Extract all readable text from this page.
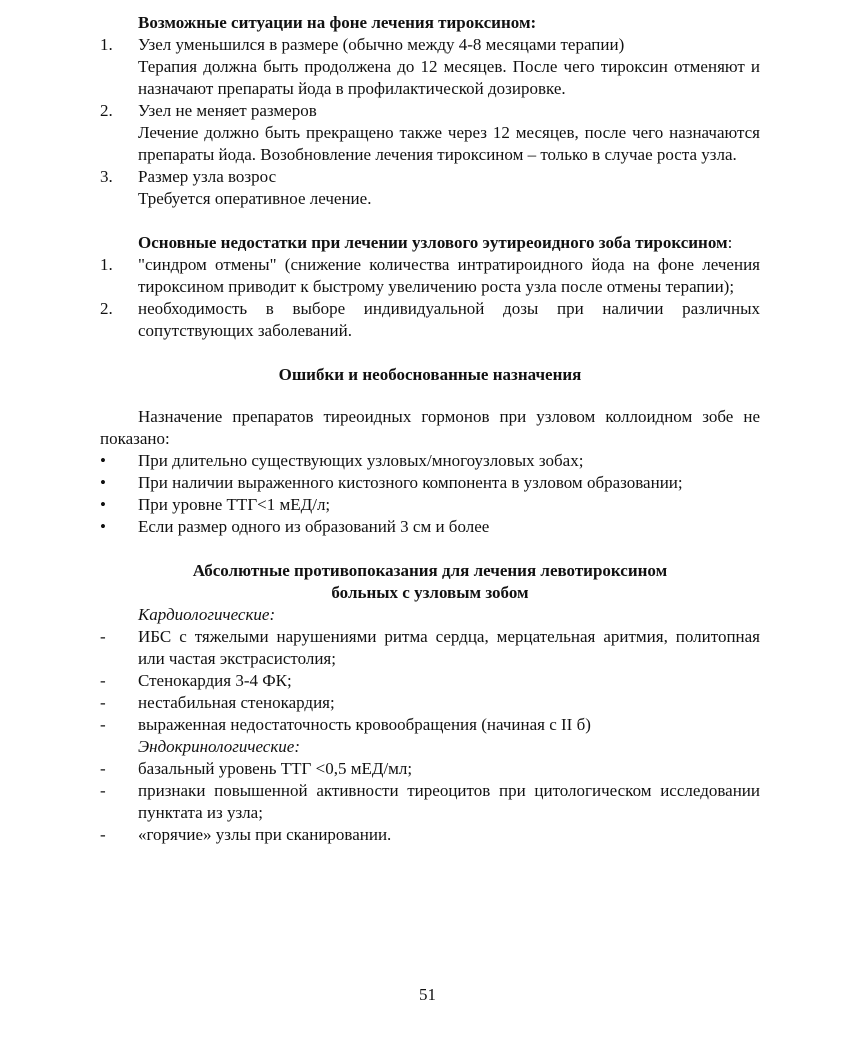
Возможные ситуации на фоне лечения тироксином:
1. Узел уменьшился в размере (обычно между 4-8 месяцами терапии)
Терапия должна быть продолжена до 12 месяцев. После чего тироксин отменяют и назначают препараты йода в профилактической дозировке.
2. Узел не меняет размеров
Лечение должно быть прекращено также через 12 месяцев, после чего назначаются препараты йода. Возобновление лечения тироксином – только в случае роста узла.
3. Размер узла возрос
Требуется оперативное лечение.
Основные недостатки при лечении узлового эутиреоидного зоба тироксином:
1. "синдром отмены" (снижение количества интратироидного йода на фоне лечения тироксином приводит к быстрому увеличению роста узла после отмены терапии);
2. необходимость в выборе индивидуальной дозы при наличии различных сопутствующих заболеваний.
Ошибки и необоснованные назначения
Назначение препаратов тиреоидных гормонов при узловом коллоидном зобе не показано:
• При длительно существующих узловых/многоузловых зобах;
• При наличии выраженного кистозного компонента в узловом образовании;
• При уровне ТТГ<1 мЕД/л;
• Если размер одного из образований 3 см и более
Абсолютные противопоказания для лечения левотироксином
больных с узловым зобом
Кардиологические:
- ИБС с тяжелыми нарушениями ритма сердца, мерцательная аритмия, политопная или частая экстрасистолия;
- Стенокардия 3-4 ФК;
- нестабильная стенокардия;
- выраженная недостаточность кровообращения (начиная с II б)
Эндокринологические:
- базальный уровень ТТГ <0,5 мЕД/мл;
- признаки повышенной активности тиреоцитов при цитологическом исследовании пунктата из узла;
- «горячие» узлы при сканировании.
51
